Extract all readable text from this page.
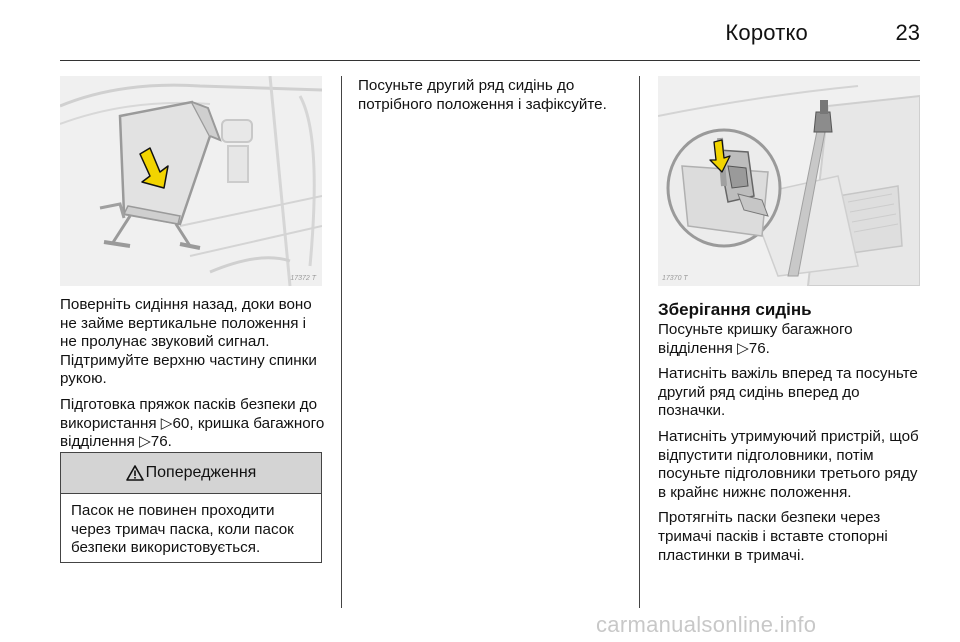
Коротко	23
17372 T

Поверніть сидіння назад, доки воно не займе вертикальне положення і не пролунає звуковий сигнал. Підтримуйте верхню частину спинки рукою.

Підготовка пряжок пасків безпеки до використання ▷60, кришка багажного відділення ▷76.

Попередження
Пасок не повинен проходити через тримач паска, коли пасок безпеки використовується.

Посуньте другий ряд сидінь до потрібного положення і зафіксуйте.

17370 T
Зберігання сидінь

Посуньте кришку багажного відділення ▷76.

Натисніть важіль вперед та посуньте другий ряд сидінь вперед до позначки.

Натисніть утримуючий пристрій, щоб відпустити підголовники, потім посуньте підголовники третього ряду в крайнє нижнє положення.

Протягніть паски безпеки через тримачі пасків і вставте стопорні пластинки в тримачі.

carmanualsonline.info
